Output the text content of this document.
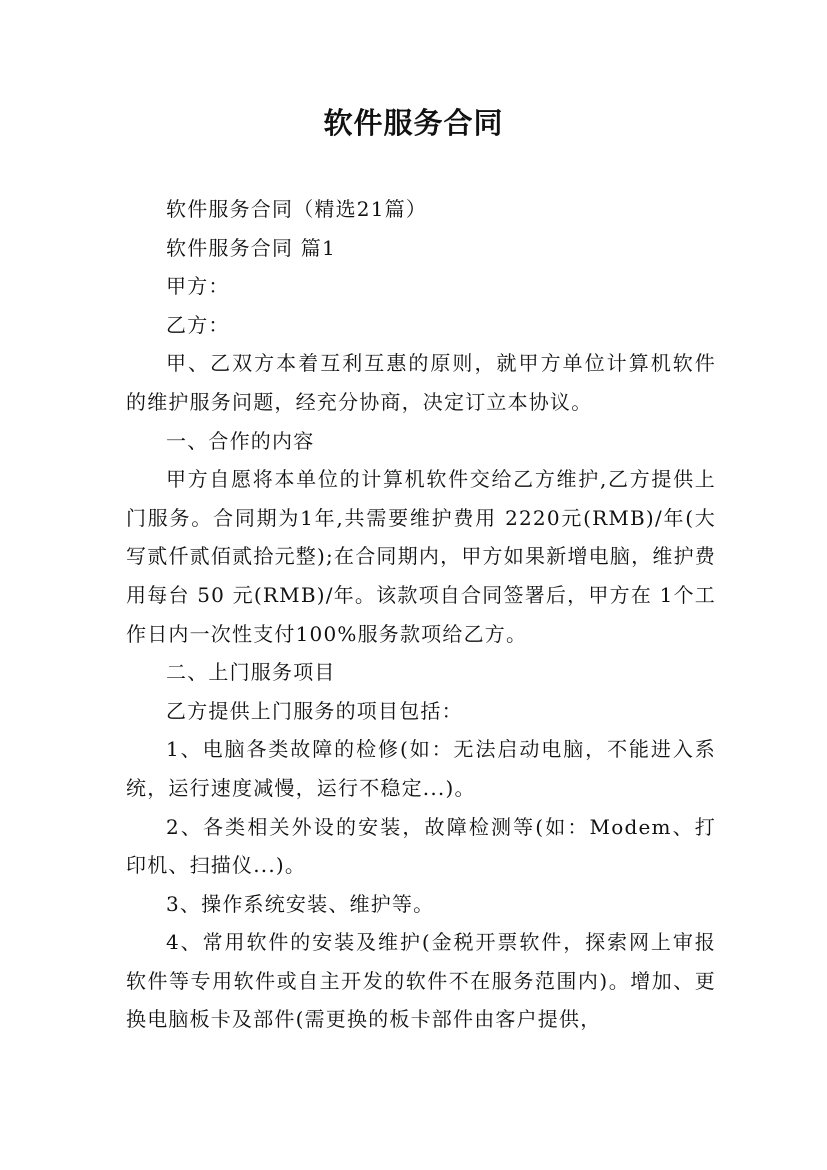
软件服务合同

软件服务合同（精选21篇）

软件服务合同 篇1

甲方：

乙方：

甲、乙双方本着互利互惠的原则，就甲方单位计算机软件的维护服务问题，经充分协商，决定订立本协议。

一、合作的内容

甲方自愿将本单位的计算机软件交给乙方维护,乙方提供上门服务。合同期为1年,共需要维护费用 2220元(RMB)/年(大写贰仟贰佰贰拾元整);在合同期内，甲方如果新增电脑，维护费用每台 50 元(RMB)/年。该款项自合同签署后，甲方在 1个工作日内一次性支付100%服务款项给乙方。

二、上门服务项目

乙方提供上门服务的项目包括：

1、电脑各类故障的检修(如：无法启动电脑，不能进入系统，运行速度减慢，运行不稳定...)。

2、各类相关外设的安装，故障检测等(如：Modem、打印机、扫描仪...)。

3、操作系统安装、维护等。

4、常用软件的安装及维护(金税开票软件，探索网上审报软件等专用软件或自主开发的软件不在服务范围内)。增加、更换电脑板卡及部件(需更换的板卡部件由客户提供，
